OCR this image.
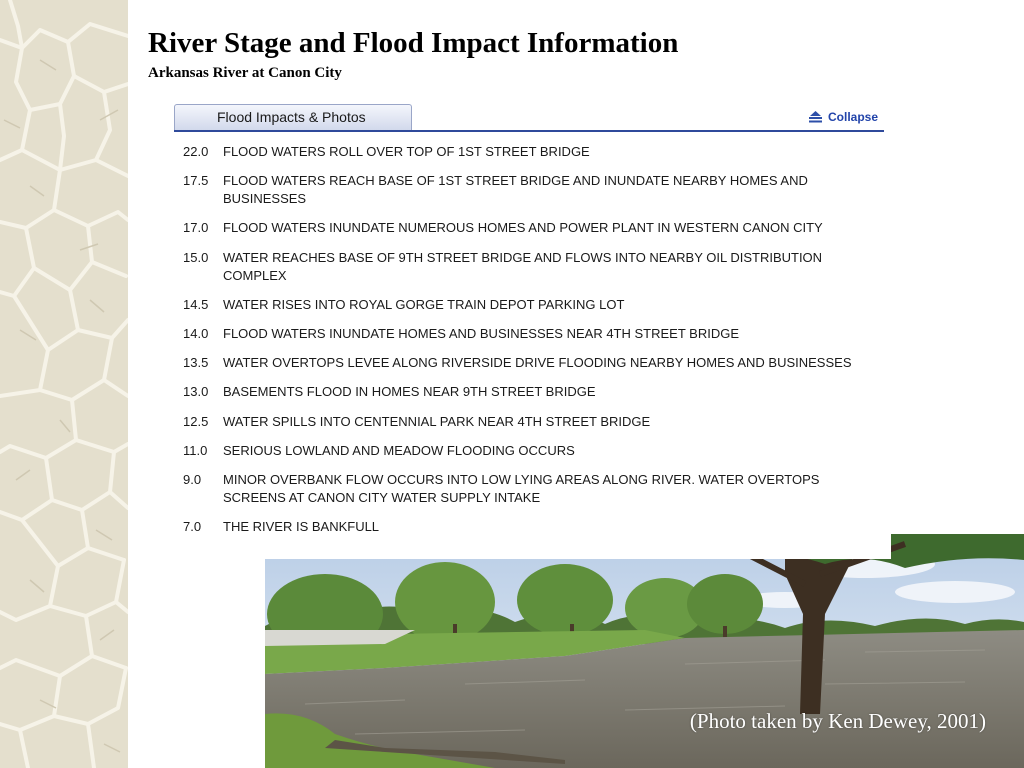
River Stage and Flood Impact Information
Arkansas River at Canon City
(Photo taken by Ken Dewey, 2001)
Flood Impacts & Photos	Collapse
22.0	FLOOD WATERS ROLL OVER TOP OF 1ST STREET BRIDGE
17.5	FLOOD WATERS REACH BASE OF 1ST STREET BRIDGE AND INUNDATE NEARBY HOMES AND BUSINESSES
17.0	FLOOD WATERS INUNDATE NUMEROUS HOMES AND POWER PLANT IN WESTERN CANON CITY
15.0	WATER REACHES BASE OF 9TH STREET BRIDGE AND FLOWS INTO NEARBY OIL DISTRIBUTION COMPLEX
14.5	WATER RISES INTO ROYAL GORGE TRAIN DEPOT PARKING LOT
14.0	FLOOD WATERS INUNDATE HOMES AND BUSINESSES NEAR 4TH STREET BRIDGE
13.5	WATER OVERTOPS LEVEE ALONG RIVERSIDE DRIVE FLOODING NEARBY HOMES AND BUSINESSES
13.0	BASEMENTS FLOOD IN HOMES NEAR 9TH STREET BRIDGE
12.5	WATER SPILLS INTO CENTENNIAL PARK NEAR 4TH STREET BRIDGE
11.0	SERIOUS LOWLAND AND MEADOW FLOODING OCCURS
9.0	MINOR OVERBANK FLOW OCCURS INTO LOW LYING AREAS ALONG RIVER. WATER OVERTOPS SCREENS AT CANON CITY WATER SUPPLY INTAKE
7.0	THE RIVER IS BANKFULL
